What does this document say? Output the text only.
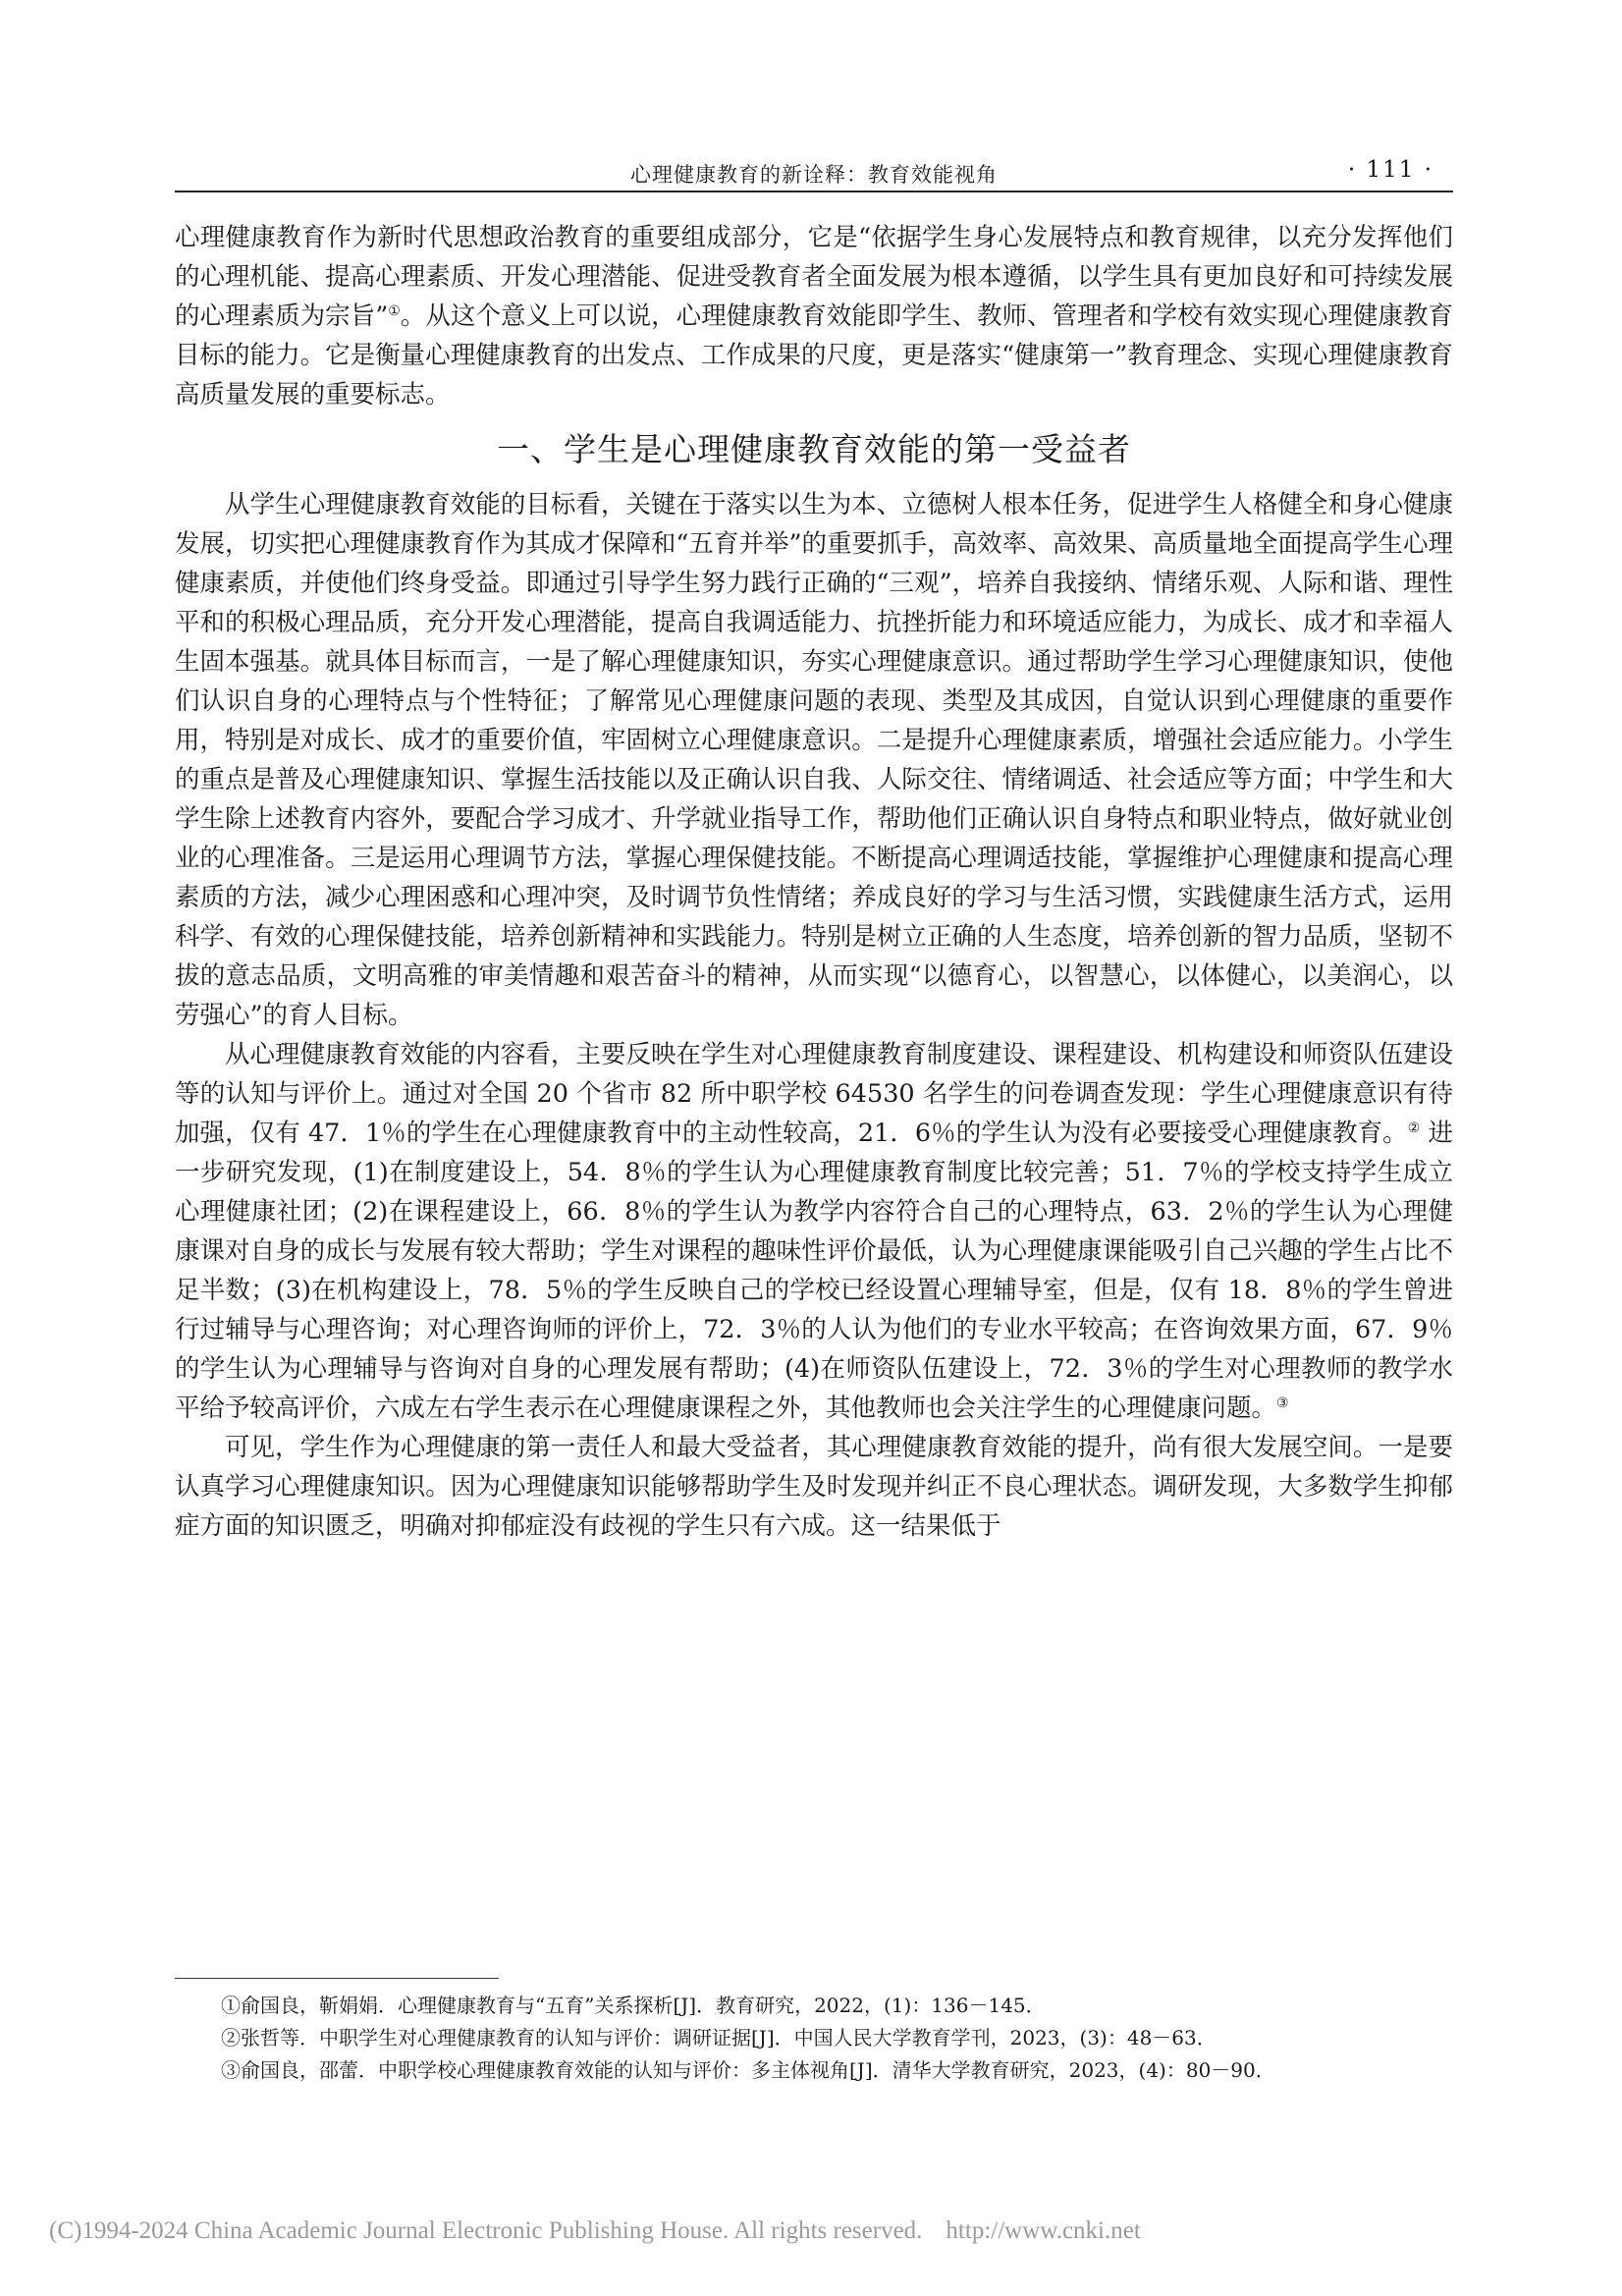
心理健康教育的新诠释：教育效能视角	· 111 ·

心理健康教育作为新时代思想政治教育的重要组成部分，它是“依据学生身心发展特点和教育规律，以充分发挥他们的心理机能、提高心理素质、开发心理潜能、促进受教育者全面发展为根本遵循，以学生具有更加良好和可持续发展的心理素质为宗旨”①。从这个意义上可以说，心理健康教育效能即学生、教师、管理者和学校有效实现心理健康教育目标的能力。它是衡量心理健康教育的出发点、工作成果的尺度，更是落实“健康第一”教育理念、实现心理健康教育高质量发展的重要标志。

一、学生是心理健康教育效能的第一受益者

从学生心理健康教育效能的目标看，关键在于落实以生为本、立德树人根本任务，促进学生人格健全和身心健康发展，切实把心理健康教育作为其成才保障和“五育并举”的重要抓手，高效率、高效果、高质量地全面提高学生心理健康素质，并使他们终身受益。即通过引导学生努力践行正确的“三观”，培养自我接纳、情绪乐观、人际和谐、理性平和的积极心理品质，充分开发心理潜能，提高自我调适能力、抗挫折能力和环境适应能力，为成长、成才和幸福人生固本强基。就具体目标而言，一是了解心理健康知识，夯实心理健康意识。通过帮助学生学习心理健康知识，使他们认识自身的心理特点与个性特征；了解常见心理健康问题的表现、类型及其成因，自觉认识到心理健康的重要作用，特别是对成长、成才的重要价值，牢固树立心理健康意识。二是提升心理健康素质，增强社会适应能力。小学生的重点是普及心理健康知识、掌握生活技能以及正确认识自我、人际交往、情绪调适、社会适应等方面；中学生和大学生除上述教育内容外，要配合学习成才、升学就业指导工作，帮助他们正确认识自身特点和职业特点，做好就业创业的心理准备。三是运用心理调节方法，掌握心理保健技能。不断提高心理调适技能，掌握维护心理健康和提高心理素质的方法，减少心理困惑和心理冲突，及时调节负性情绪；养成良好的学习与生活习惯，实践健康生活方式，运用科学、有效的心理保健技能，培养创新精神和实践能力。特别是树立正确的人生态度，培养创新的智力品质，坚韧不拔的意志品质，文明高雅的审美情趣和艰苦奋斗的精神，从而实现“以德育心，以智慧心，以体健心，以美润心，以劳强心”的育人目标。

从心理健康教育效能的内容看，主要反映在学生对心理健康教育制度建设、课程建设、机构建设和师资队伍建设等的认知与评价上。通过对全国 20 个省市 82 所中职学校 64530 名学生的问卷调查发现：学生心理健康意识有待加强，仅有 47．1％的学生在心理健康教育中的主动性较高，21．6％的学生认为没有必要接受心理健康教育。② 进一步研究发现，(1)在制度建设上，54．8％的学生认为心理健康教育制度比较完善；51．7％的学校支持学生成立心理健康社团；(2)在课程建设上，66．8％的学生认为教学内容符合自己的心理特点，63．2％的学生认为心理健康课对自身的成长与发展有较大帮助；学生对课程的趣味性评价最低，认为心理健康课能吸引自己兴趣的学生占比不足半数；(3)在机构建设上，78．5％的学生反映自己的学校已经设置心理辅导室，但是，仅有 18．8％的学生曾进行过辅导与心理咨询；对心理咨询师的评价上，72．3％的人认为他们的专业水平较高；在咨询效果方面，67．9％的学生认为心理辅导与咨询对自身的心理发展有帮助；(4)在师资队伍建设上，72．3％的学生对心理教师的教学水平给予较高评价，六成左右学生表示在心理健康课程之外，其他教师也会关注学生的心理健康问题。③

可见，学生作为心理健康的第一责任人和最大受益者，其心理健康教育效能的提升，尚有很大发展空间。一是要认真学习心理健康知识。因为心理健康知识能够帮助学生及时发现并纠正不良心理状态。调研发现，大多数学生抑郁症方面的知识匮乏，明确对抑郁症没有歧视的学生只有六成。这一结果低于

①俞国良，靳娟娟．心理健康教育与“五育”关系探析[J]．教育研究，2022，(1)：136－145．
②张哲等．中职学生对心理健康教育的认知与评价：调研证据[J]．中国人民大学教育学刊，2023，(3)：48－63．
③俞国良，邵蕾．中职学校心理健康教育效能的认知与评价：多主体视角[J]．清华大学教育研究，2023，(4)：80－90．
(C)1994-2024 China Academic Journal Electronic Publishing House. All rights reserved. http://www.cnki.net
